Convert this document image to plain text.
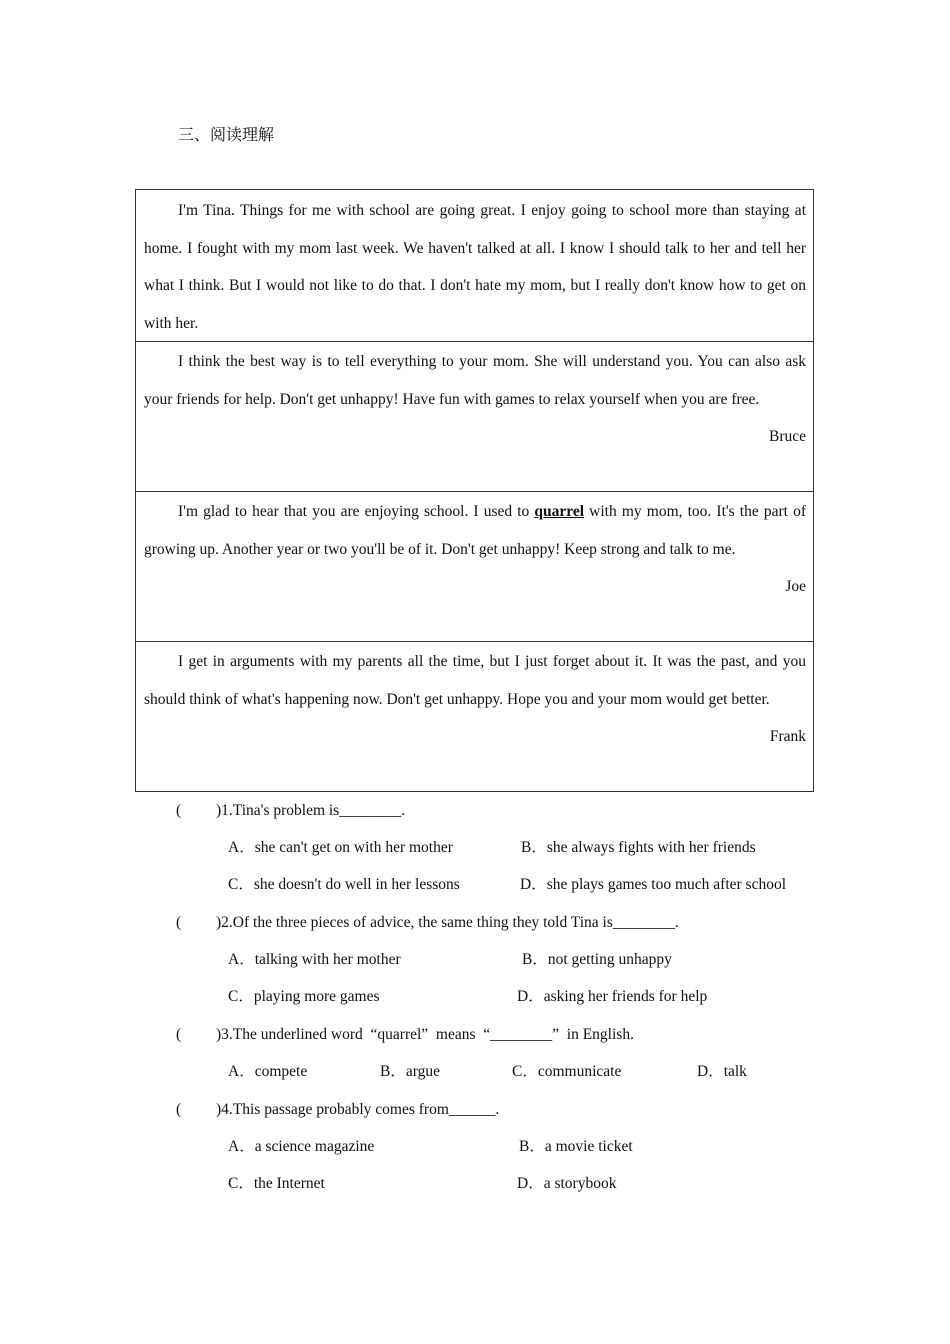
三、阅读理解

I'm Tina. Things for me with school are going great. I enjoy going to school more than staying at home. I fought with my mom last week. We haven't talked at all. I know I should talk to her and tell her what I think. But I would not like to do that. I don't hate my mom, but I really don't know how to get on with her.

I think the best way is to tell everything to your mom. She will understand you. You can also ask your friends for help. Don't get unhappy! Have fun with games to relax yourself when you are free.

Bruce

I'm glad to hear that you are enjoying school. I used to quarrel with my mom, too. It's the part of growing up. Another year or two you'll be of it. Don't get unhappy! Keep strong and talk to me.

Joe

I get in arguments with my parents all the time, but I just forget about it. It was the past, and you should think of what's happening now. Don't get unhappy. Hope you and your mom would get better.

Frank
( )1.Tina's problem is________.
A．she can't get on with her mother	B．she always fights with her friends
C．she doesn't do well in her lessons	D．she plays games too much after school
( )2.Of the three pieces of advice, the same thing they told Tina is________.
A．talking with her mother	B．not getting unhappy
C．playing more games	D．asking her friends for help
( )3.The underlined word  “quarrel”  means  “________”  in English.
A．compete	B．argue	C．communicate	D．talk
( )4.This passage probably comes from______.
A．a science magazine	B．a movie ticket
C．the Internet	D．a storybook
